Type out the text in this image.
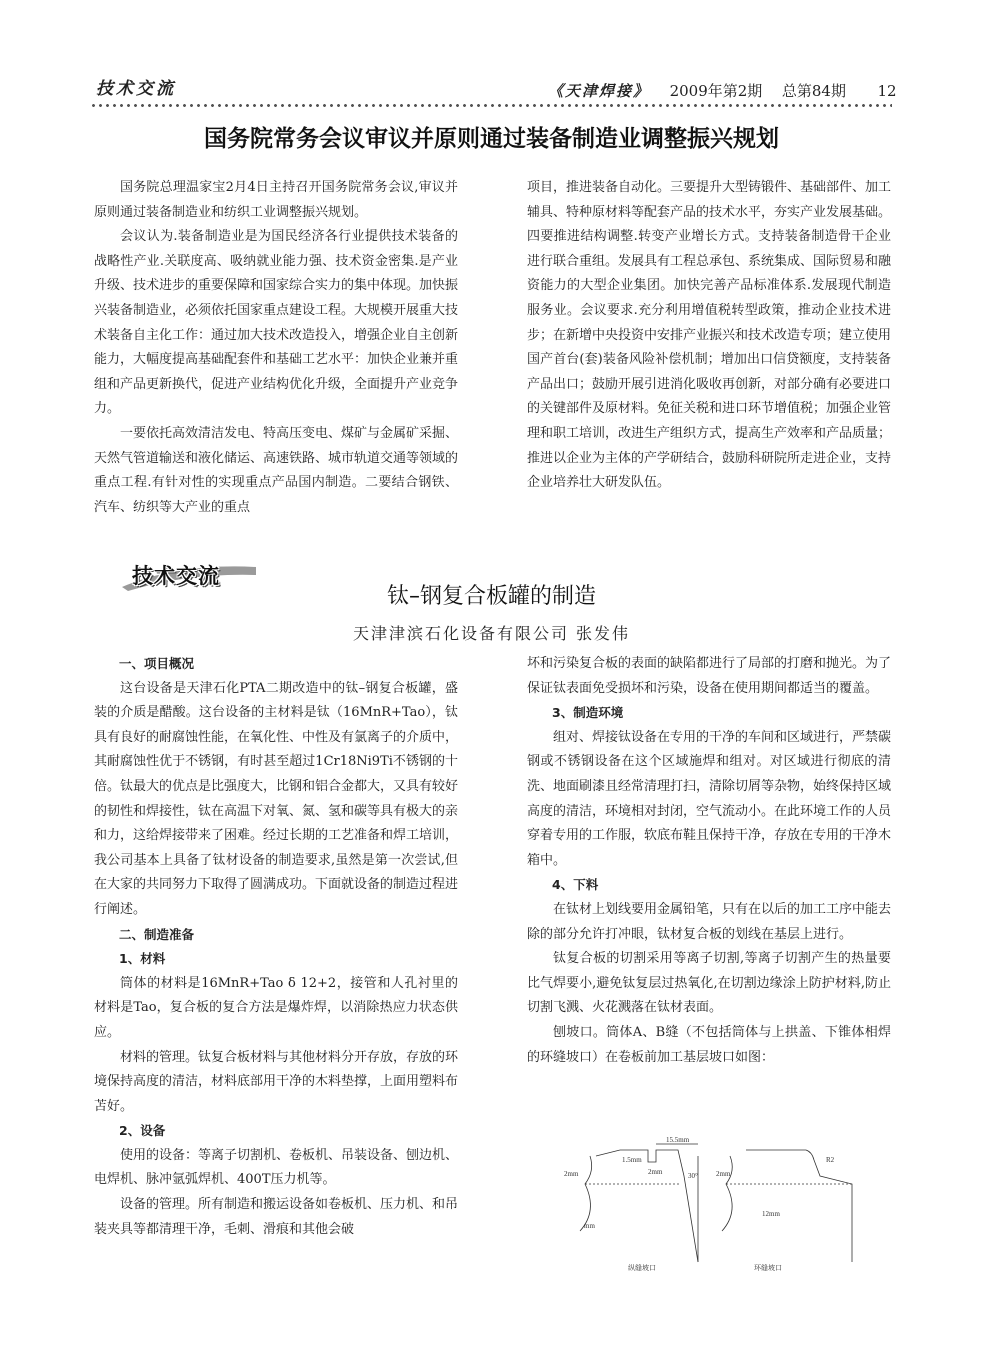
技术交流	《天津焊接》 2009年第2期 总第84期 12
国务院常务会议审议并原则通过装备制造业调整振兴规划

国务院总理温家宝2月4日主持召开国务院常务会议,审议并原则通过装备制造业和纺织工业调整振兴规划。

会议认为.装备制造业是为国民经济各行业提供技术装备的战略性产业.关联度高、吸纳就业能力强、技术资金密集.是产业升级、技术进步的重要保障和国家综合实力的集中体现。加快振兴装备制造业，必须依托国家重点建设工程。大规模开展重大技术装备自主化工作：通过加大技术改造投入，增强企业自主创新能力，大幅度提高基础配套件和基础工艺水平：加快企业兼并重组和产品更新换代，促进产业结构优化升级，全面提升产业竞争力。

一要依托高效清洁发电、特高压变电、煤矿与金属矿采掘、天然气管道输送和液化储运、高速铁路、城市轨道交通等领域的重点工程.有针对性的实现重点产品国内制造。二要结合钢铁、汽车、纺织等大产业的重点

项目，推进装备自动化。三要提升大型铸锻件、基础部件、加工辅具、特种原材料等配套产品的技术水平，夯实产业发展基础。四要推进结构调整.转变产业增长方式。支持装备制造骨干企业进行联合重组。发展具有工程总承包、系统集成、国际贸易和融资能力的大型企业集团。加快完善产品标准体系.发展现代制造服务业。会议要求.充分利用增值税转型政策，推动企业技术进步；在新增中央投资中安排产业振兴和技术改造专项；建立使用国产首台(套)装备风险补偿机制；增加出口信贷额度，支持装备产品出口；鼓励开展引进消化吸收再创新，对部分确有必要进口的关键部件及原材料。免征关税和进口环节增值税；加强企业管理和职工培训，改进生产组织方式，提高生产效率和产品质量；推进以企业为主体的产学研结合，鼓励科研院所走进企业，支持企业培养壮大研发队伍。

技术交流
钛–钢复合板罐的制造
天津津滨石化设备有限公司 张发伟

一、项目概况

这台设备是天津石化PTA二期改造中的钛–钢复合板罐，盛装的介质是醋酸。这台设备的主材料是钛（16MnR+Tao），钛具有良好的耐腐蚀性能，在氧化性、中性及有氯离子的介质中，其耐腐蚀性优于不锈钢，有时甚至超过1Cr18Ni9Ti不锈钢的十倍。钛最大的优点是比强度大，比钢和铝合金都大，又具有较好的韧性和焊接性，钛在高温下对氧、氮、氢和碳等具有极大的亲和力，这给焊接带来了困难。经过长期的工艺准备和焊工培训，我公司基本上具备了钛材设备的制造要求,虽然是第一次尝试,但在大家的共同努力下取得了圆满成功。下面就设备的制造过程进行阐述。

二、制造准备

1、材料

筒体的材料是16MnR+Tao δ 12+2，接管和人孔衬里的材料是Tao，复合板的复合方法是爆炸焊，以消除热应力状态供应。

材料的管理。钛复合板材料与其他材料分开存放，存放的环境保持高度的清洁，材料底部用干净的木料垫撑，上面用塑料布苫好。

2、设备

使用的设备：等离子切割机、卷板机、吊装设备、刨边机、电焊机、脉冲氩弧焊机、400T压力机等。

设备的管理。所有制造和搬运设备如卷板机、压力机、和吊装夹具等都清理干净，毛刺、滑痕和其他会破

坏和污染复合板的表面的缺陷都进行了局部的打磨和抛光。为了保证钛表面免受损坏和污染，设备在使用期间都适当的覆盖。

3、制造环境

组对、焊接钛设备在专用的干净的车间和区域进行，严禁碳钢或不锈钢设备在这个区域施焊和组对。对区域进行彻底的清洗、地面刷漆且经常清理打扫，清除切屑等杂物，始终保持区域高度的清洁，环境相对封闭，空气流动小。在此环境工作的人员穿着专用的工作服，软底布鞋且保持干净，存放在专用的干净木箱中。

4、下料

在钛材上划线要用金属铅笔，只有在以后的加工工序中能去除的部分允许打冲眼，钛材复合板的划线在基层上进行。

钛复合板的切割采用等离子切割,等离子切割产生的热量要比气焊要小,避免钛复层过热氧化,在切割边缘涂上防护材料,防止切割飞溅、火花溅落在钛材表面。

刨坡口。筒体A、B缝（不包括筒体与上拱盖、下锥体相焊的环缝坡口）在卷板前加工基层坡口如图：

15.5mm
1.5mm
2mm	30°
2mm
mm
2mm
12mm
R2
纵缝坡口	环缝坡口
